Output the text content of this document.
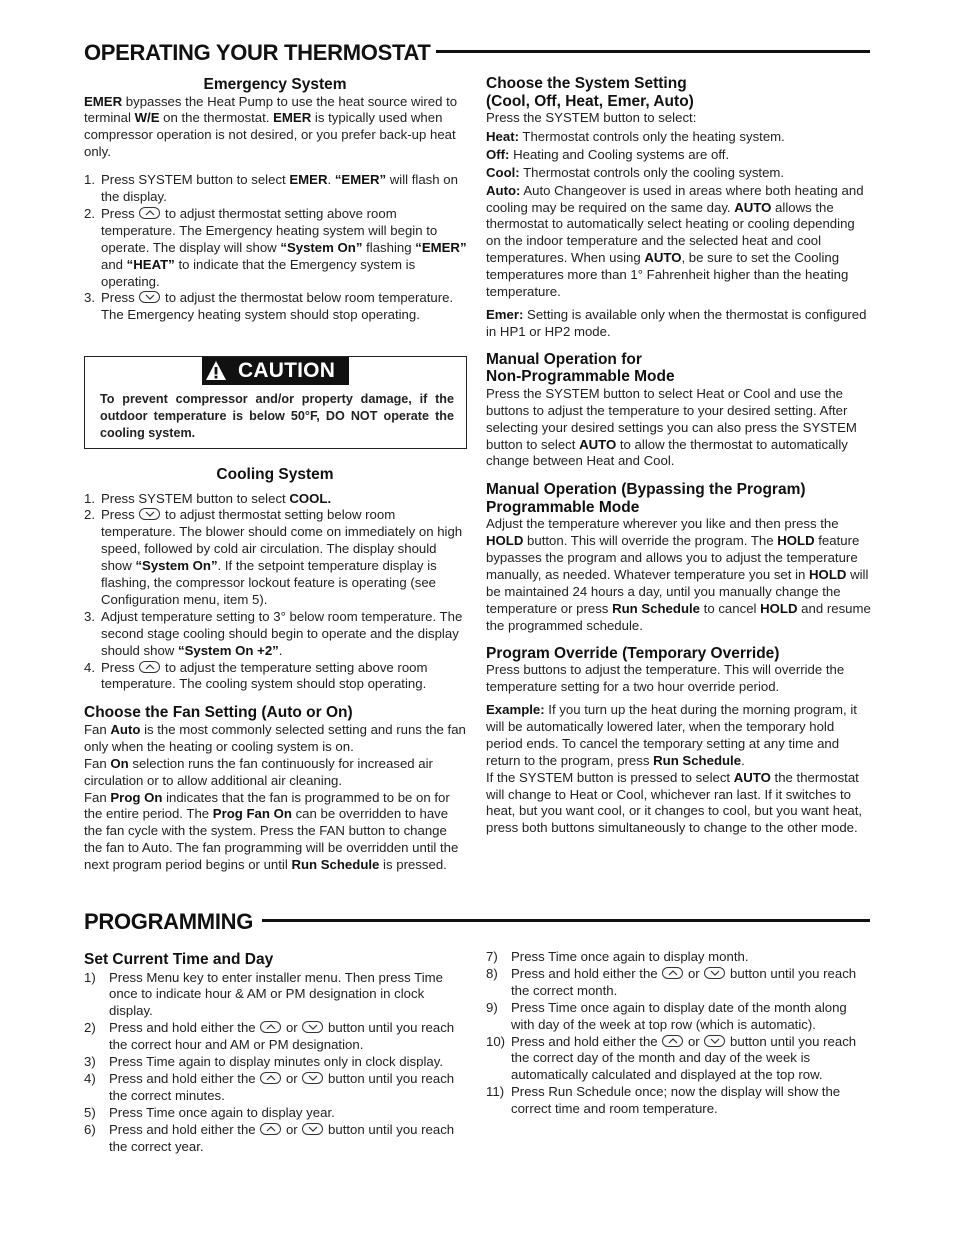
OPERATING YOUR THERMOSTAT
Emergency System

EMER bypasses the Heat Pump to use the heat source wired to terminal W/E on the thermostat. EMER is typically used when compressor operation is not desired, or you prefer back-up heat only.

1. Press SYSTEM button to select EMER. “EMER” will flash on the display.
2. Press
to adjust thermostat setting above room temperature. The Emergency heating system will begin to operate. The display will show “System On” flashing “EMER” and “HEAT” to indicate that the Emergency system is operating.
3. Press
to adjust the thermostat below room temperature. The Emergency heating system should stop operating.
CAUTION
To prevent compressor and/or property damage, if the outdoor temperature is below 50°F, DO NOT operate the cooling system.
Cooling System
1. Press SYSTEM button to select COOL.
2. Press
to adjust thermostat setting below room temperature. The blower should come on immediately on high speed, followed by cold air circulation. The display should show “System On”. If the setpoint temperature display is flashing, the compressor lockout feature is operating (see Configuration menu, item 5).
3. Adjust temperature setting to 3° below room temperature. The second stage cooling should begin to operate and the display should show “System On +2”.
4. Press
to adjust the temperature setting above room temperature. The cooling system should stop operating.
Choose the Fan Setting (Auto or On)

Fan Auto is the most commonly selected setting and runs the fan only when the heating or cooling system is on.

Fan On selection runs the fan continuously for increased air circulation or to allow additional air cleaning.

Fan Prog On indicates that the fan is programmed to be on for the entire period. The Prog Fan On can be overridden to have the fan cycle with the system. Press the FAN button to change the fan to Auto. The fan programming will be overridden until the next program period begins or until Run Schedule is pressed.

Choose the System Setting
(Cool, Off, Heat, Emer, Auto)

Press the SYSTEM button to select:

Heat: Thermostat controls only the heating system.

Off: Heating and Cooling systems are off.

Cool: Thermostat controls only the cooling system.

Auto: Auto Changeover is used in areas where both heating and cooling may be required on the same day. AUTO allows the thermostat to automatically select heating or cooling depending on the indoor temperature and the selected heat and cool temperatures. When using AUTO, be sure to set the Cooling temperatures more than 1° Fahrenheit higher than the heating temperature.

Emer: Setting is available only when the thermostat is configured in HP1 or HP2 mode.

Manual Operation for
Non-Programmable Mode

Press the SYSTEM button to select Heat or Cool and use the buttons to adjust the temperature to your desired setting. After selecting your desired settings you can also press the SYSTEM button to select AUTO to allow the thermostat to automatically change between Heat and Cool.

Manual Operation (Bypassing the Program)
Programmable Mode

Adjust the temperature wherever you like and then press the HOLD button. This will override the program. The HOLD feature bypasses the program and allows you to adjust the temperature manually, as needed. Whatever temperature you set in HOLD will be maintained 24 hours a day, until you manually change the temperature or press Run Schedule to cancel HOLD and resume the programmed schedule.

Program Override (Temporary Override)

Press buttons to adjust the temperature. This will override the temperature setting for a two hour override period.

Example: If you turn up the heat during the morning program, it will be automatically lowered later, when the temporary hold period ends. To cancel the temporary setting at any time and return to the program, press Run Schedule.

If the SYSTEM button is pressed to select AUTO the thermostat will change to Heat or Cool, whichever ran last. If it switches to heat, but you want cool, or it changes to cool, but you want heat, press both buttons simultaneously to change to the other mode.

PROGRAMMING
Set Current Time and Day
1) Press Menu key to enter installer menu. Then press Time once to indicate hour & AM or PM designation in clock display.
2) Press and hold either the
or
button until you reach the correct hour and AM or PM designation.
3) Press Time again to display minutes only in clock display.
4) Press and hold either the
or
button until you reach the correct minutes.
5) Press Time once again to display year.
6) Press and hold either the
or
button until you reach the correct year.
7) Press Time once again to display month.
8) Press and hold either the
or
button until you reach the correct month.
9) Press Time once again to display date of the month along with day of the week at top row (which is automatic).
10) Press and hold either the
or
button until you reach the correct day of the month and day of the week is automatically calculated and displayed at the top row.
11) Press Run Schedule once; now the display will show the correct time and room temperature.
